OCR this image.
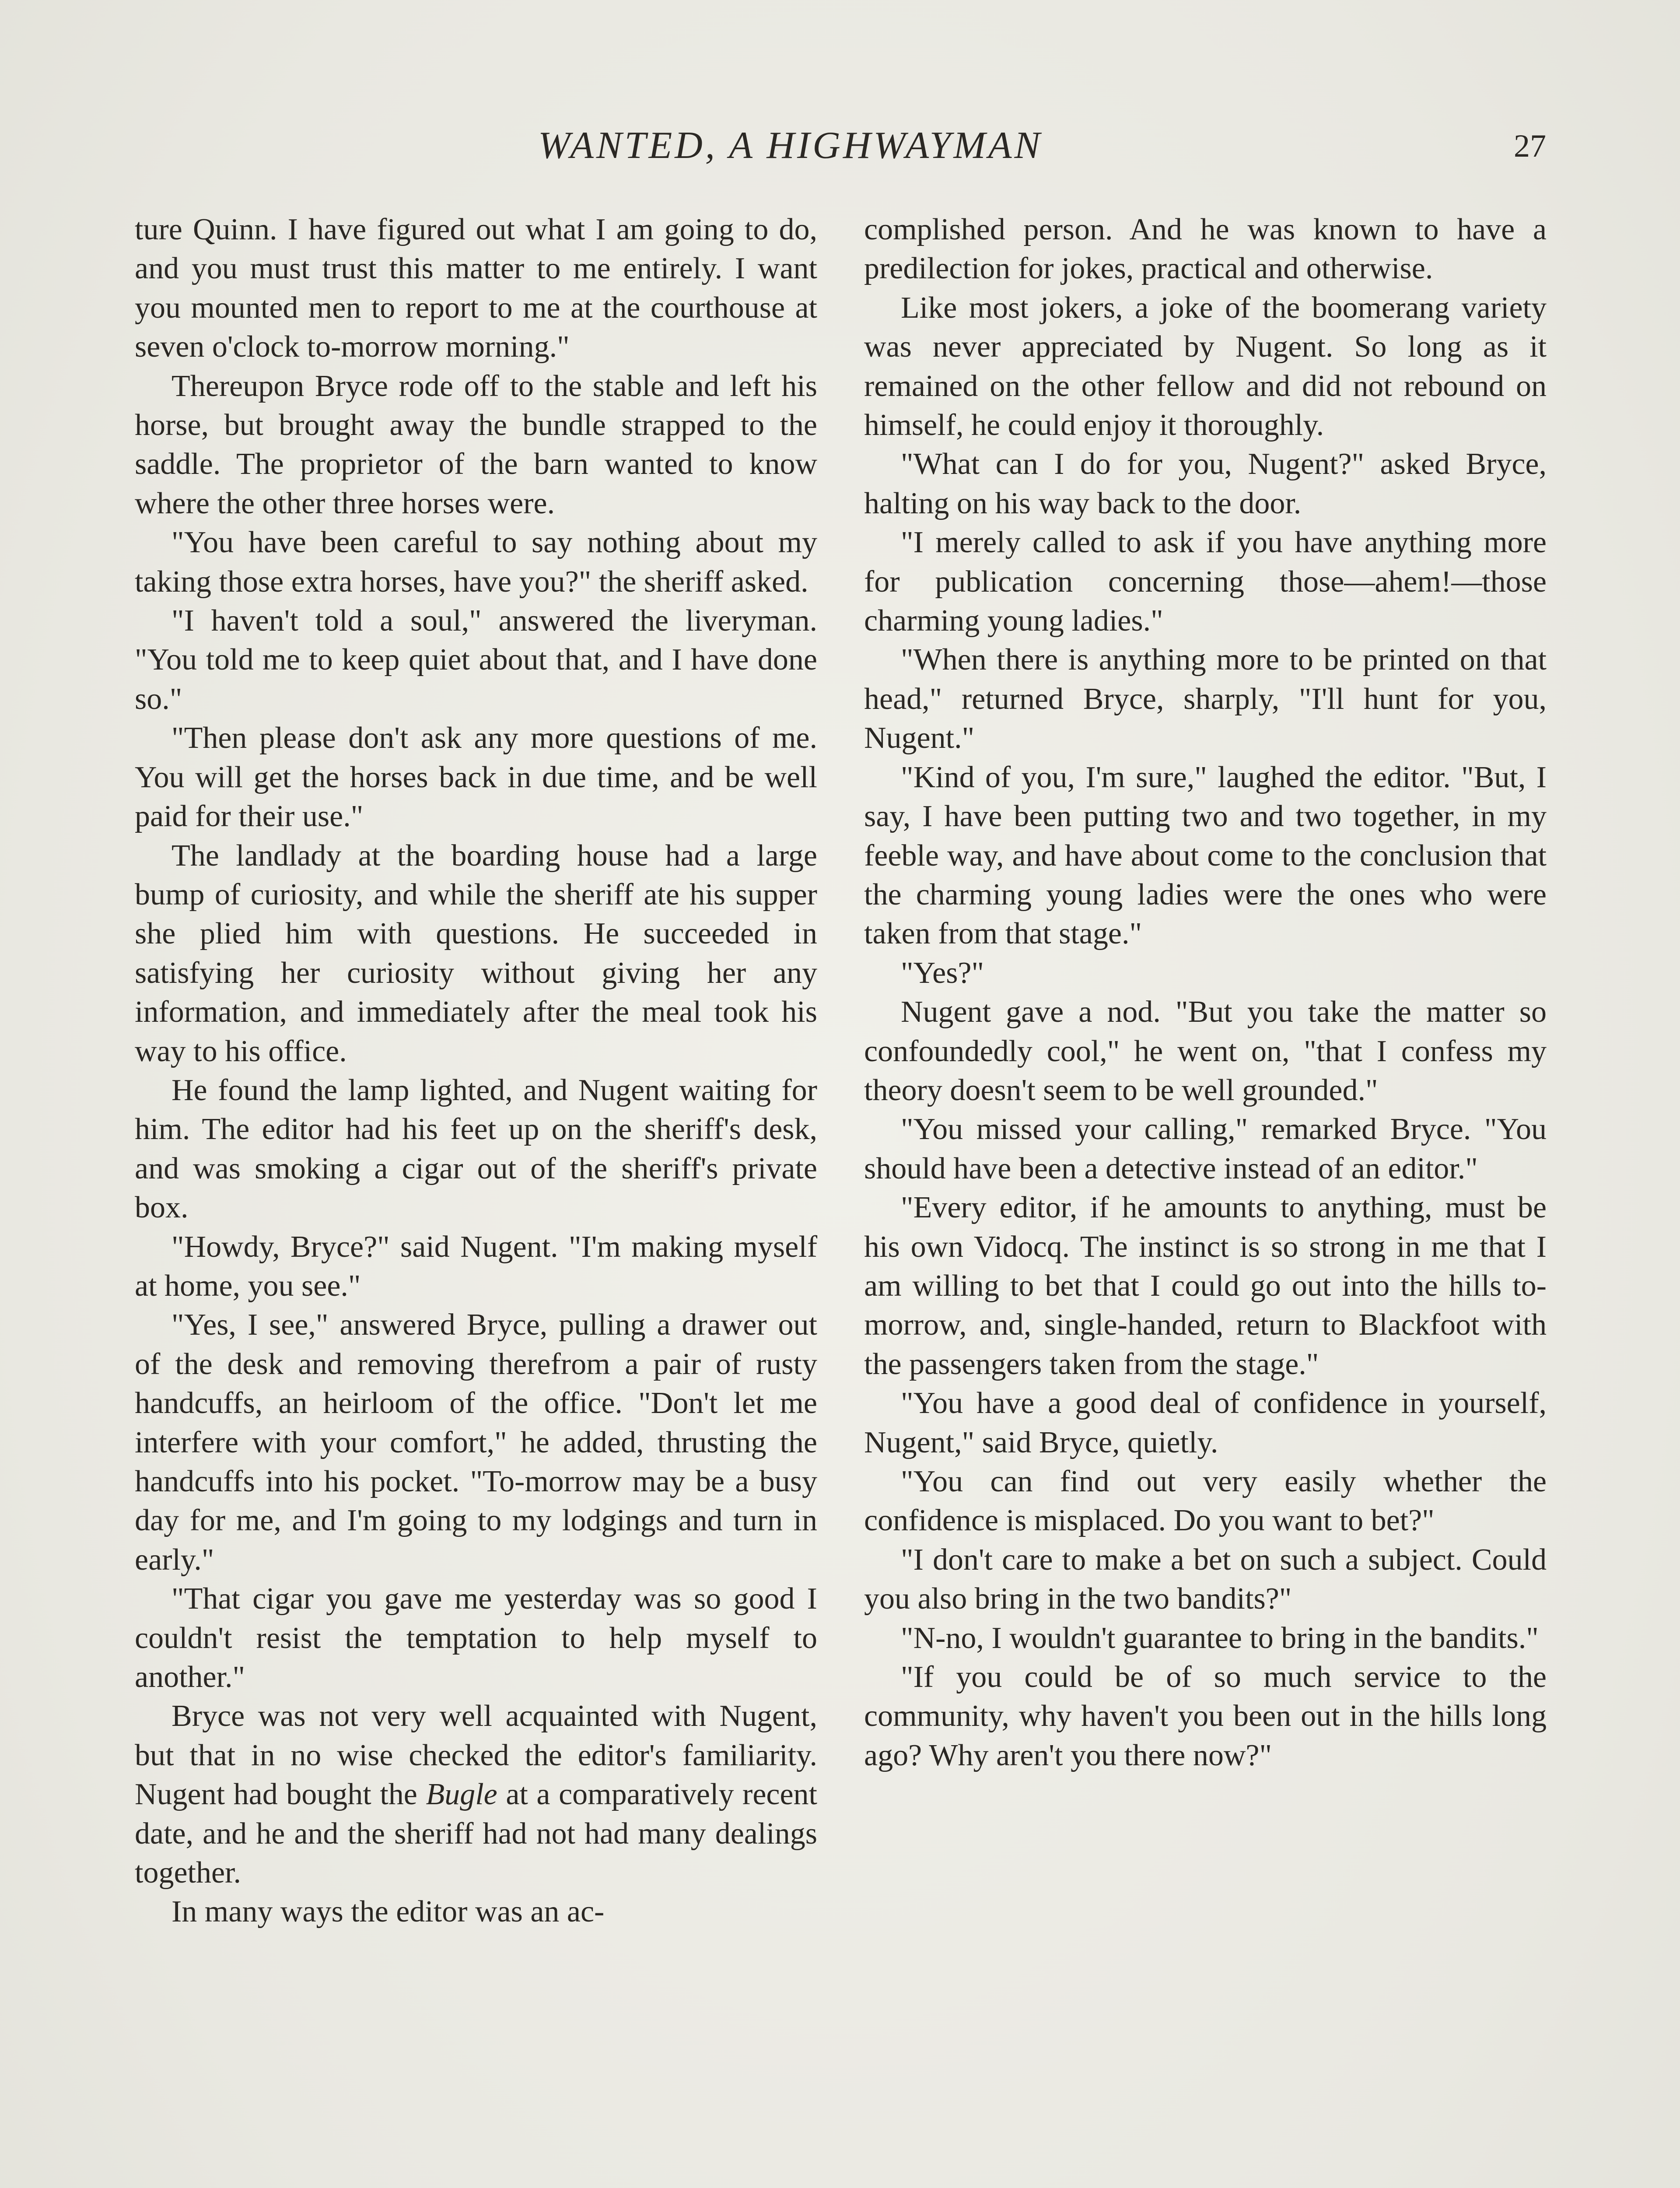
WANTED, A HIGHWAYMAN	27

ture Quinn. I have figured out what I am going to do, and you must trust this matter to me entirely. I want you mounted men to report to me at the courthouse at seven o'clock to-morrow morning."

Thereupon Bryce rode off to the stable and left his horse, but brought away the bundle strapped to the saddle. The proprietor of the barn wanted to know where the other three horses were.

"You have been careful to say nothing about my taking those extra horses, have you?" the sheriff asked.

"I haven't told a soul," answered the liveryman. "You told me to keep quiet about that, and I have done so."

"Then please don't ask any more questions of me. You will get the horses back in due time, and be well paid for their use."

The landlady at the boarding house had a large bump of curiosity, and while the sheriff ate his supper she plied him with questions. He succeeded in satisfying her curiosity without giving her any information, and immediately after the meal took his way to his office.

He found the lamp lighted, and Nugent waiting for him. The editor had his feet up on the sheriff's desk, and was smoking a cigar out of the sheriff's private box.

"Howdy, Bryce?" said Nugent. "I'm making myself at home, you see."

"Yes, I see," answered Bryce, pulling a drawer out of the desk and removing therefrom a pair of rusty handcuffs, an heirloom of the office. "Don't let me interfere with your comfort," he added, thrusting the handcuffs into his pocket. "To-morrow may be a busy day for me, and I'm going to my lodgings and turn in early."

"That cigar you gave me yesterday was so good I couldn't resist the temptation to help myself to another."

Bryce was not very well acquainted with Nugent, but that in no wise checked the editor's familiarity. Nugent had bought the Bugle at a comparatively recent date, and he and the sheriff had not had many dealings together.

In many ways the editor was an ac-

complished person. And he was known to have a predilection for jokes, practical and otherwise.

Like most jokers, a joke of the boomerang variety was never appreciated by Nugent. So long as it remained on the other fellow and did not rebound on himself, he could enjoy it thoroughly.

"What can I do for you, Nugent?" asked Bryce, halting on his way back to the door.

"I merely called to ask if you have anything more for publication concerning those—ahem!—those charming young ladies."

"When there is anything more to be printed on that head," returned Bryce, sharply, "I'll hunt for you, Nugent."

"Kind of you, I'm sure," laughed the editor. "But, I say, I have been putting two and two together, in my feeble way, and have about come to the conclusion that the charming young ladies were the ones who were taken from that stage."

"Yes?"

Nugent gave a nod. "But you take the matter so confoundedly cool," he went on, "that I confess my theory doesn't seem to be well grounded."

"You missed your calling," remarked Bryce. "You should have been a detective instead of an editor."

"Every editor, if he amounts to anything, must be his own Vidocq. The instinct is so strong in me that I am willing to bet that I could go out into the hills to-morrow, and, single-handed, return to Blackfoot with the passengers taken from the stage."

"You have a good deal of confidence in yourself, Nugent," said Bryce, quietly.

"You can find out very easily whether the confidence is misplaced. Do you want to bet?"

"I don't care to make a bet on such a subject. Could you also bring in the two bandits?"

"N-no, I wouldn't guarantee to bring in the bandits."

"If you could be of so much service to the community, why haven't you been out in the hills long ago? Why aren't you there now?"
